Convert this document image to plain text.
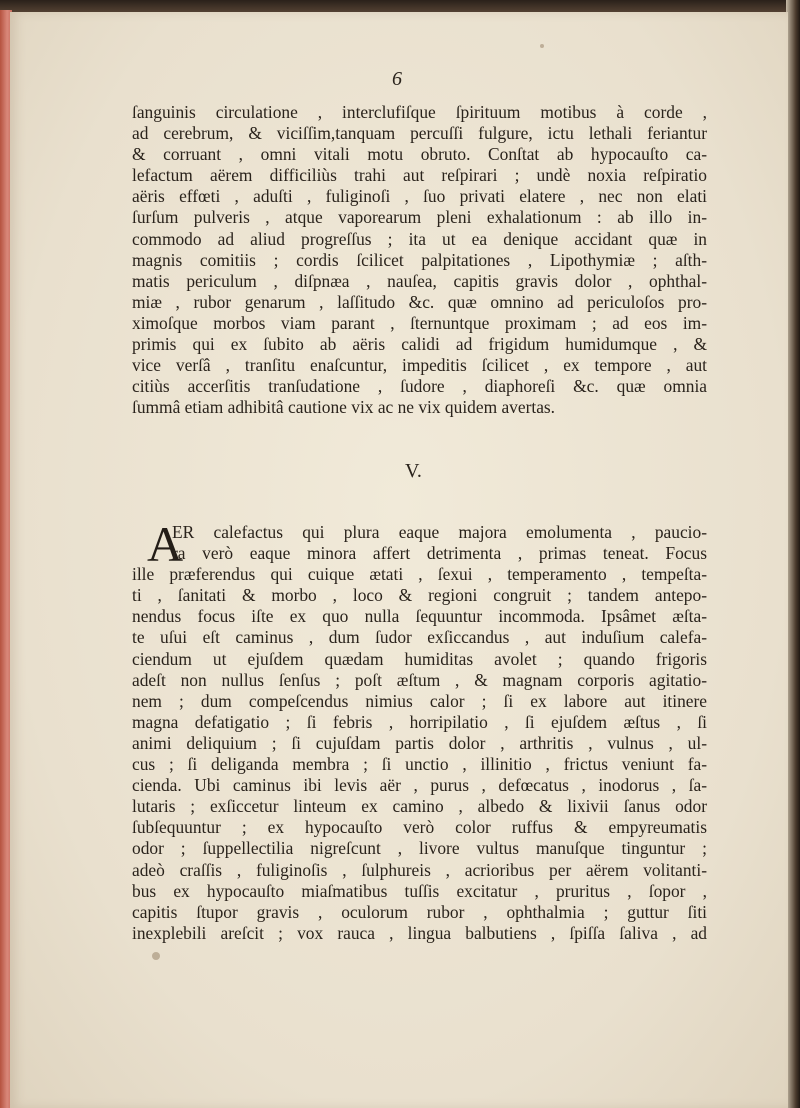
6
ſanguinis circulatione , interclufiſque ſpirituum motibus à corde ,
ad cerebrum, & viciſſim,tanquam percuſſi fulgure, ictu lethali feriantur
& corruant , omni vitali motu obruto. Conſtat ab hypocauſto ca-
lefactum aërem difficiliùs trahi aut reſpirari ; undè noxia reſpiratio
aëris effœti , aduſti , fuliginoſi , ſuo privati elatere , nec non elati
ſurſum pulveris , atque vaporearum pleni exhalationum : ab illo in-
commodo ad aliud progreſſus ; ita ut ea denique accidant quæ in
magnis comitiis ; cordis ſcilicet palpitationes , Lipothymiæ ; aſth-
matis periculum , diſpnæa , nauſea, capitis gravis dolor , ophthal-
miæ , rubor genarum , laſſitudo &c. quæ omnino ad periculoſos pro-
ximoſque morbos viam parant , ſternuntque proximam ; ad eos im-
primis qui ex ſubito ab aëris calidi ad frigidum humidumque , &
vice verſâ , tranſitu enaſcuntur, impeditis ſcilicet , ex tempore , aut
citiùs accerſitis tranſudatione , ſudore , diaphoreſi &c. quæ omnia
ſummâ etiam adhibitâ cautione vix ac ne vix quidem avertas.
V.
A
ER calefactus qui plura eaque majora emolumenta , paucio-
ra verò eaque minora affert detrimenta , primas teneat. Focus
ille præferendus qui cuique ætati , ſexui , temperamento , tempeſta-
ti , ſanitati & morbo , loco & regioni congruit ; tandem antepo-
nendus focus iſte ex quo nulla ſequuntur incommoda. Ipsâmet æſta-
te uſui eſt caminus , dum ſudor exſiccandus , aut induſium calefa-
ciendum ut ejuſdem quædam humiditas avolet ; quando frigoris
adeſt non nullus ſenſus ; poſt æſtum , & magnam corporis agitatio-
nem ; dum compeſcendus nimius calor ; ſi ex labore aut itinere
magna defatigatio ; ſi febris , horripilatio , ſi ejuſdem æſtus , ſi
animi deliquium ; ſi cujuſdam partis dolor , arthritis , vulnus , ul-
cus ; ſi deliganda membra ; ſi unctio , illinitio , frictus veniunt fa-
cienda. Ubi caminus ibi levis aër , purus , defœcatus , inodorus , ſa-
lutaris ; exſiccetur linteum ex camino , albedo & lixivii ſanus odor
ſubſequuntur ; ex hypocauſto verò color ruffus & empyreumatis
odor ; ſuppellectilia nigreſcunt , livore vultus manuſque tinguntur ;
adeò craſſis , fuliginoſis , ſulphureis , acrioribus per aërem volitanti-
bus ex hypocauſto miaſmatibus tuſſis excitatur , pruritus , ſopor ,
capitis ſtupor gravis , oculorum rubor , ophthalmia ; guttur ſiti
inexplebili areſcit ; vox rauca , lingua balbutiens , ſpiſſa ſaliva , ad
